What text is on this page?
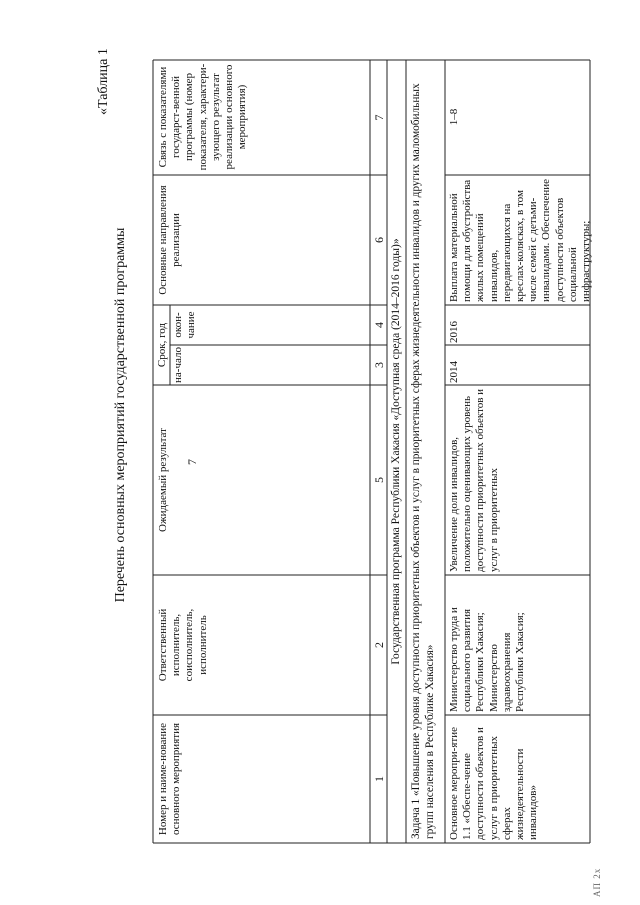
7
«Таблица 1
Перечень основных мероприятий государственной программы
Номер и наиме-нование основного мероприятия
Ответственный исполнитель, соисполнитель, исполнитель
Ожидаемый результат
Срок, год на-чало
окон-чание
Основные направления реализации
Связь с показателями государст-венной программы (номер показателя, характери-зующего результат реализации основного мероприятия)
1
2
3
4
5
6
7
Государственная программа Республики Хакасия «Доступная среда (2014–2016 годы)» Задача 1 «Повышение уровня доступности приоритетных объектов и услуг в приоритетных сферах жизнедеятельности инвалидов и других маломобильных групп населения в Республике Хакасия»	Основное меропри-ятие 1.1 «Обеспе-чение доступности объектов и услуг в приоритетных сферах жизнедеятельности инвалидов»
Министерство труда и социального развития Республики Хакасия; Министерство здравоохранения Республики Хакасия;
Увеличение доли инвалидов, положительно оценивающих уровень доступности приоритетных объектов и услуг в приоритетных
2014
2016
Выплата материальной помощи для обустройства жилых помещений инвалидов, передвигающихся на креслах-колясках, в том числе семей с детьми-инвалидами. Обеспечение доступности объектов социальной инфраструктуры;
1–8
АП 2х
